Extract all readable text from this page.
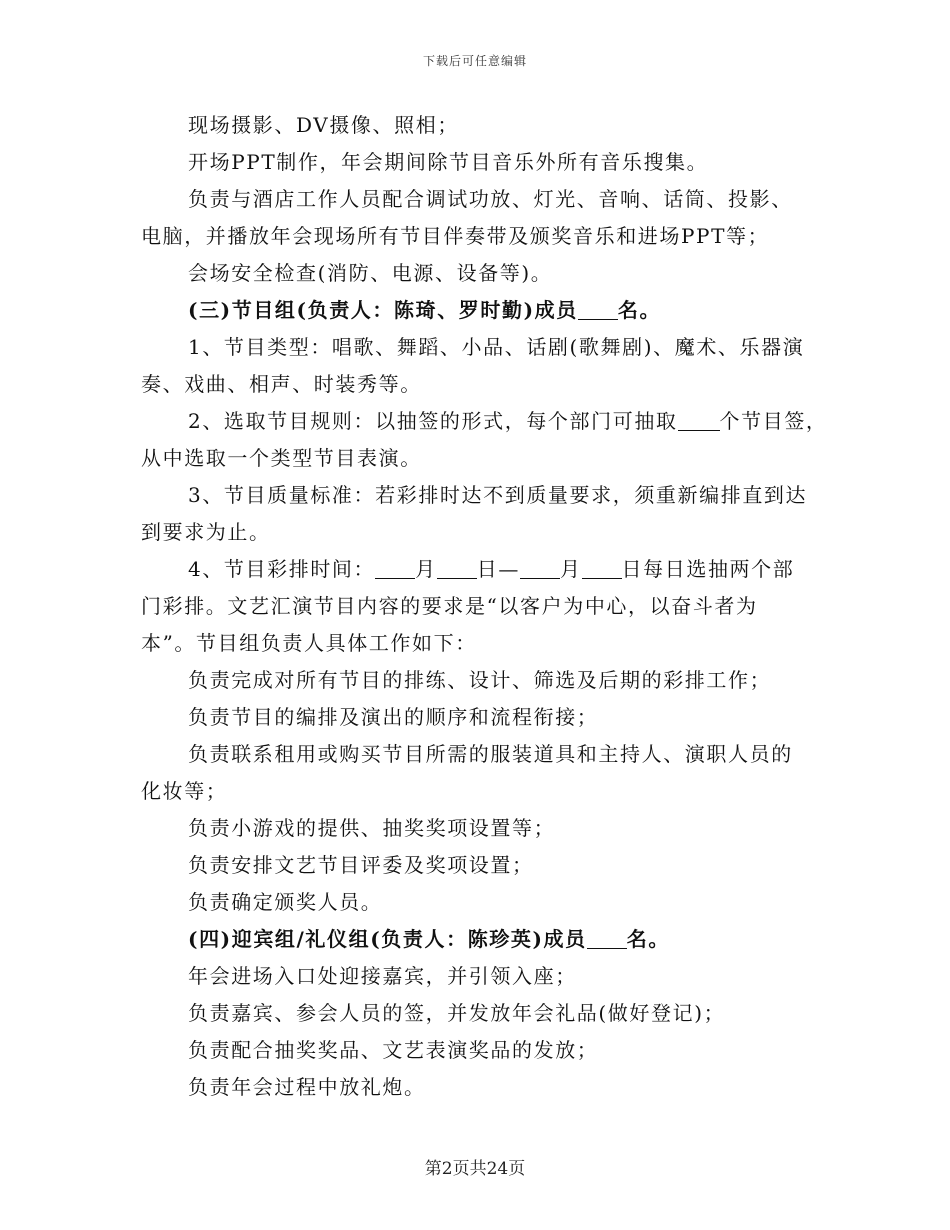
下载后可任意编辑

现场摄影、DV摄像、照相；

开场PPT制作，年会期间除节目音乐外所有音乐搜集。

负责与酒店工作人员配合调试功放、灯光、音响、话筒、投影、

电脑，并播放年会现场所有节目伴奏带及颁奖音乐和进场PPT等；

会场安全检查(消防、电源、设备等)。

(三)节目组(负责人：陈琦、罗时勤)成员 名。

1、节目类型：唱歌、舞蹈、小品、话剧(歌舞剧)、魔术、乐器演

奏、戏曲、相声、时装秀等。

2、选取节目规则：以抽签的形式，每个部门可抽取 个节目签，

从中选取一个类型节目表演。

3、节目质量标准：若彩排时达不到质量要求，须重新编排直到达

到要求为止。

4、节目彩排时间： 月 日— 月 日每日选抽两个部

门彩排。文艺汇演节目内容的要求是“以客户为中心，以奋斗者为

本”。节目组负责人具体工作如下：

负责完成对所有节目的排练、设计、筛选及后期的彩排工作；

负责节目的编排及演出的顺序和流程衔接；

负责联系租用或购买节目所需的服装道具和主持人、演职人员的

化妆等；

负责小游戏的提供、抽奖奖项设置等；

负责安排文艺节目评委及奖项设置；

负责确定颁奖人员。

(四)迎宾组/礼仪组(负责人：陈珍英)成员 名。

年会进场入口处迎接嘉宾，并引领入座；

负责嘉宾、参会人员的签，并发放年会礼品(做好登记)；

负责配合抽奖奖品、文艺表演奖品的发放；

负责年会过程中放礼炮。

第2页共24页
